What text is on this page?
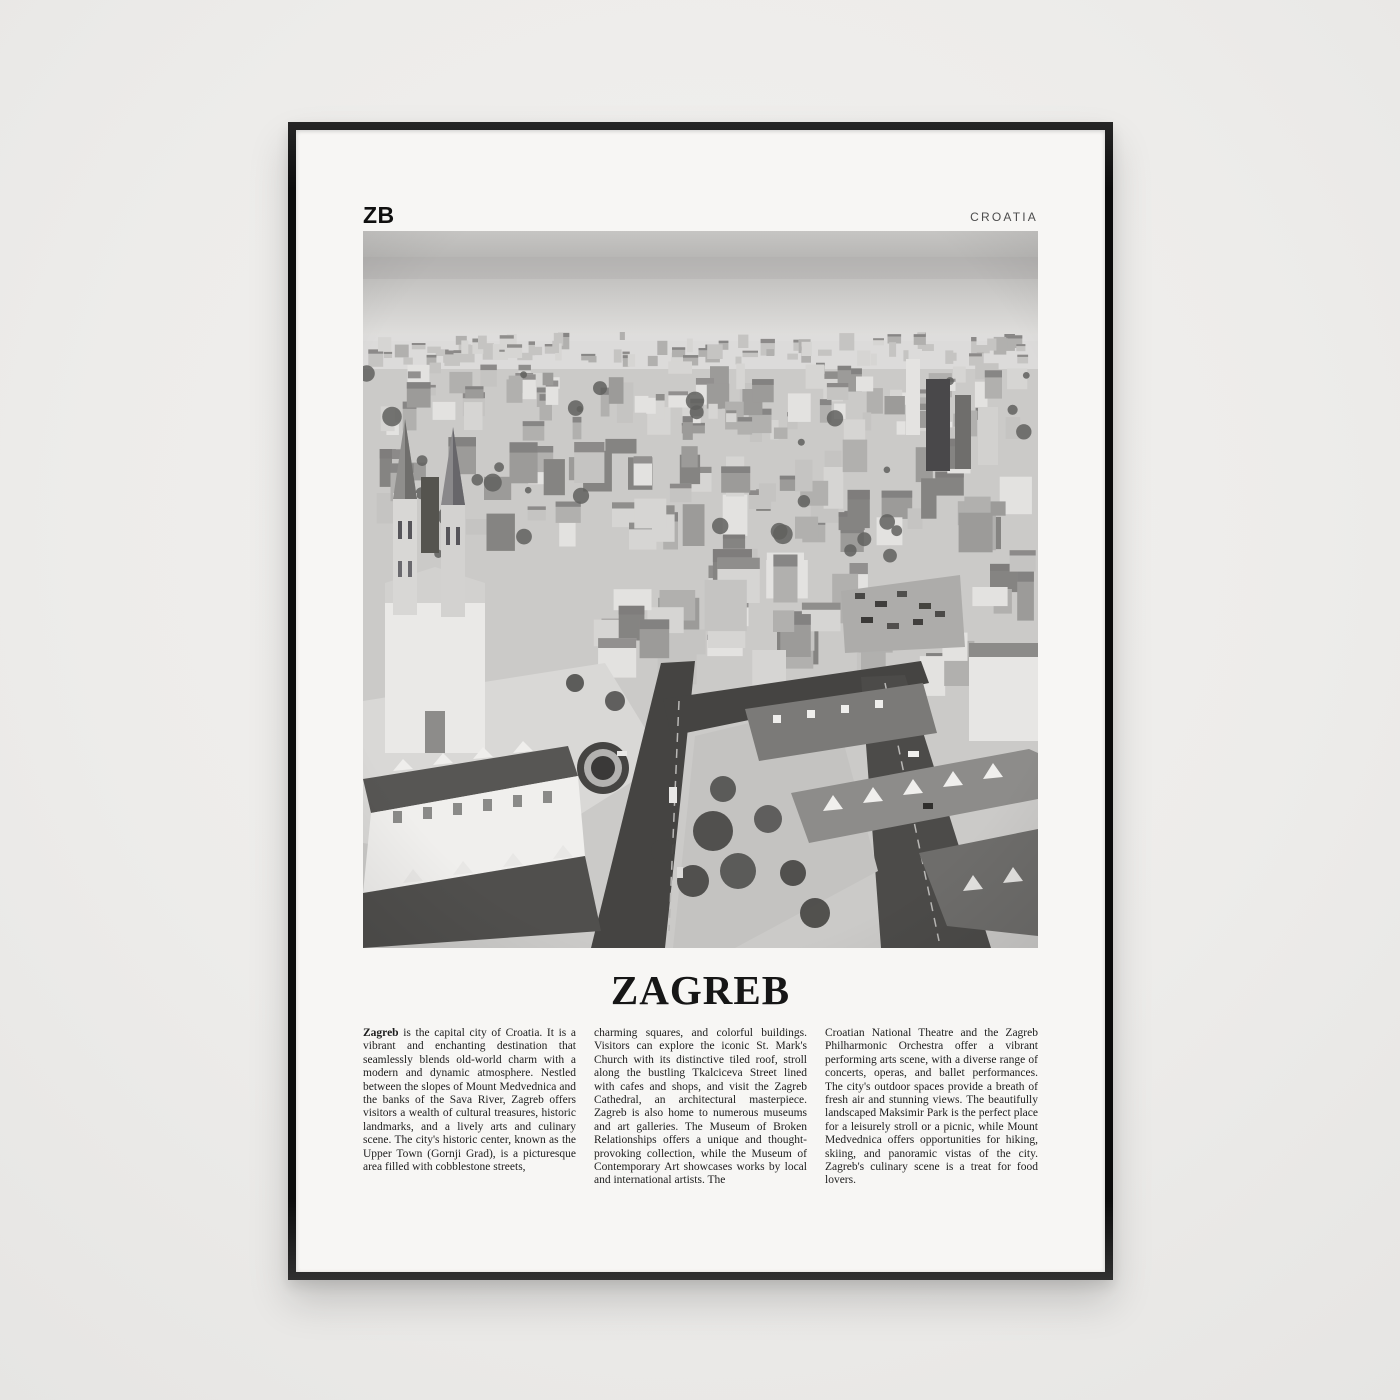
ZB	CROATIA
ZAGREB
Zagreb is the capital city of Croatia. It is a vibrant and enchanting destination that seamlessly blends old-world charm with a modern and dynamic atmosphere. Nestled between the slopes of Mount Medvednica and the banks of the Sava River, Zagreb offers visitors a wealth of cultural treasures, historic landmarks, and a lively arts and culinary scene. The city's historic center, known as the Upper Town (Gornji Grad), is a picturesque area filled with cobblestone streets,
charming squares, and colorful buildings. Visitors can explore the iconic St. Mark's Church with its distinctive tiled roof, stroll along the bustling Tkalciceva Street lined with cafes and shops, and visit the Zagreb Cathedral, an architectural masterpiece. Zagreb is also home to numerous museums and art galleries. The Museum of Broken Relationships offers a unique and thought-provoking collection, while the Museum of Contemporary Art showcases works by local and international artists. The
Croatian National Theatre and the Zagreb Philharmonic Orchestra offer a vibrant performing arts scene, with a diverse range of concerts, operas, and ballet performances. The city's outdoor spaces provide a breath of fresh air and stunning views. The beautifully landscaped Maksimir Park is the perfect place for a leisurely stroll or a picnic, while Mount Medvednica offers opportunities for hiking, skiing, and panoramic vistas of the city. Zagreb's culinary scene is a treat for food lovers.
